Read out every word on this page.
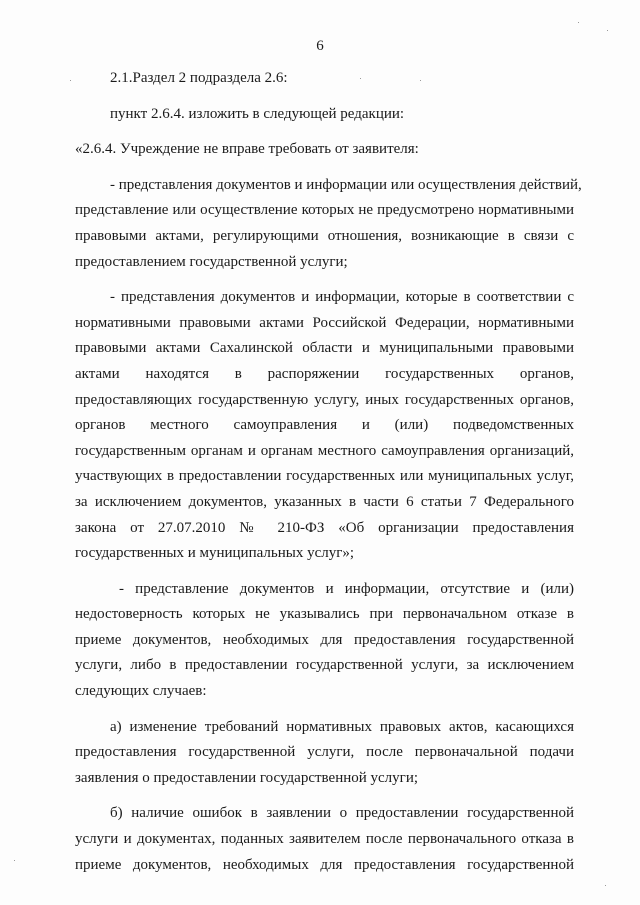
6
2.1.Раздел 2 подраздела 2.6:
пункт 2.6.4. изложить в следующей редакции:
«2.6.4. Учреждение не вправе требовать от заявителя:
- представления документов и информации или осуществления действий,
представление или осуществление которых не предусмотрено нормативными
правовыми актами, регулирующими отношения, возникающие в связи с
предоставлением государственной услуги;
- представления документов и информации, которые в соответствии с
нормативными правовыми актами Российской Федерации, нормативными
правовыми актами Сахалинской области и муниципальными правовыми
актами находятся в распоряжении государственных органов,
предоставляющих государственную услугу, иных государственных органов,
органов местного самоуправления и (или) подведомственных
государственным органам и органам местного самоуправления организаций,
участвующих в предоставлении государственных или муниципальных услуг,
за исключением документов, указанных в части 6 статьи 7 Федерального
закона от 27.07.2010 № 210-ФЗ «Об организации предоставления
государственных и муниципальных услуг»;
- представление документов и информации, отсутствие и (или)
недостоверность которых не указывались при первоначальном отказе в
приеме документов, необходимых для предоставления государственной
услуги, либо в предоставлении государственной услуги, за исключением
следующих случаев:
а) изменение требований нормативных правовых актов, касающихся
предоставления государственной услуги, после первоначальной подачи
заявления о предоставлении государственной услуги;
б) наличие ошибок в заявлении о предоставлении государственной
услуги и документах, поданных заявителем после первоначального отказа в
приеме документов, необходимых для предоставления государственной
